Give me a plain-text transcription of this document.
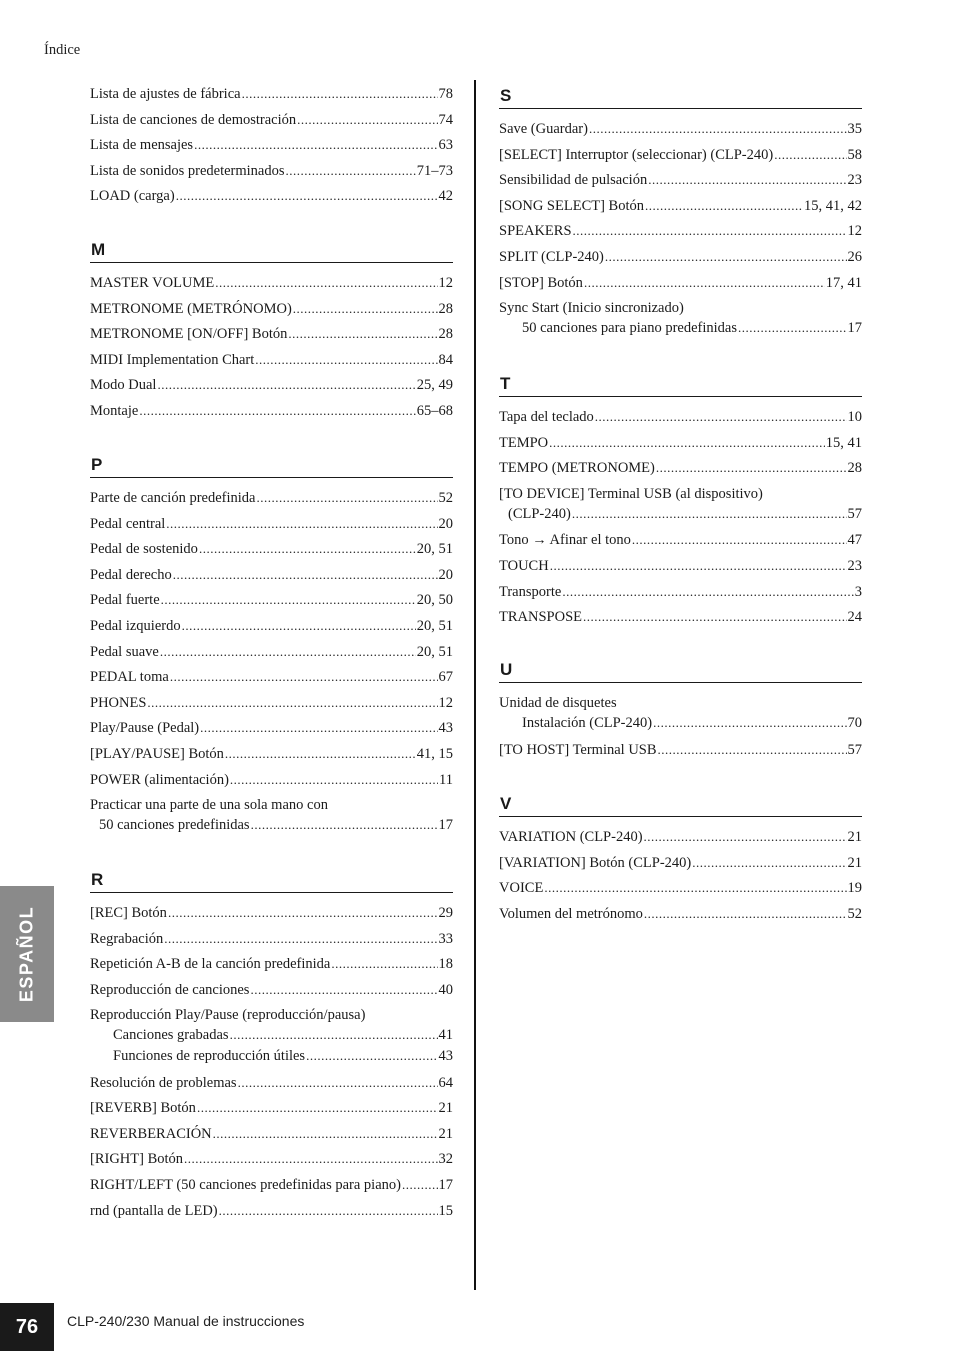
Índice
Lista de ajustes de fábrica .....	78
Lista de canciones de demostración .....	74
Lista de mensajes .....	63
Lista de sonidos predeterminados .....	71–73
LOAD (carga) .....	42
M
MASTER VOLUME .....	12
METRONOME (METRÓNOMO) .....	28
METRONOME [ON/OFF] Botón .....	28
MIDI Implementation Chart .....	84
Modo Dual .....	25, 49
Montaje .....	65–68
P
Parte de canción predefinida .....	52
Pedal central .....	20
Pedal de sostenido .....	20, 51
Pedal derecho .....	20
Pedal fuerte .....	20, 50
Pedal izquierdo .....	20, 51
Pedal suave .....	20, 51
PEDAL toma .....	67
PHONES .....	12
Play/Pause (Pedal) .....	43
[PLAY/PAUSE] Botón .....	41, 15
POWER (alimentación) .....	11
Practicar una parte de una sola mano con
50 canciones predefinidas .....	17
R
[REC] Botón .....	29
Regrabación .....	33
Repetición A-B de la canción predefinida .....	18
Reproducción de canciones .....	40
Reproducción Play/Pause (reproducción/pausa)
Canciones grabadas .....	41
Funciones de reproducción útiles .....	43
Resolución de problemas .....	64
[REVERB] Botón .....	21
REVERBERACIÓN .....	21
[RIGHT] Botón .....	32
RIGHT/LEFT (50 canciones predefinidas para piano) .....	17
rnd (pantalla de LED) .....	15
S
Save (Guardar) .....	35
[SELECT] Interruptor (seleccionar) (CLP-240) .....	58
Sensibilidad de pulsación .....	23
[SONG SELECT] Botón .....	15, 41, 42
SPEAKERS .....	12
SPLIT (CLP-240) .....	26
[STOP] Botón .....	17, 41
Sync Start (Inicio sincronizado)
50 canciones para piano predefinidas .....	17
T
Tapa del teclado .....	10
TEMPO .....	15, 41
TEMPO (METRONOME) .....	28
[TO DEVICE] Terminal USB (al dispositivo)
(CLP-240) .....	57
Tono → Afinar el tono .....	47
TOUCH .....	23
Transporte .....	3
TRANSPOSE .....	24
U
Unidad de disquetes
Instalación (CLP-240) .....	70
[TO HOST] Terminal USB .....	57
V
VARIATION (CLP-240) .....	21
[VARIATION] Botón (CLP-240) .....	21
VOICE .....	19
Volumen del metrónomo .....	52
ESPAÑOL
76	CLP-240/230 Manual de instrucciones
